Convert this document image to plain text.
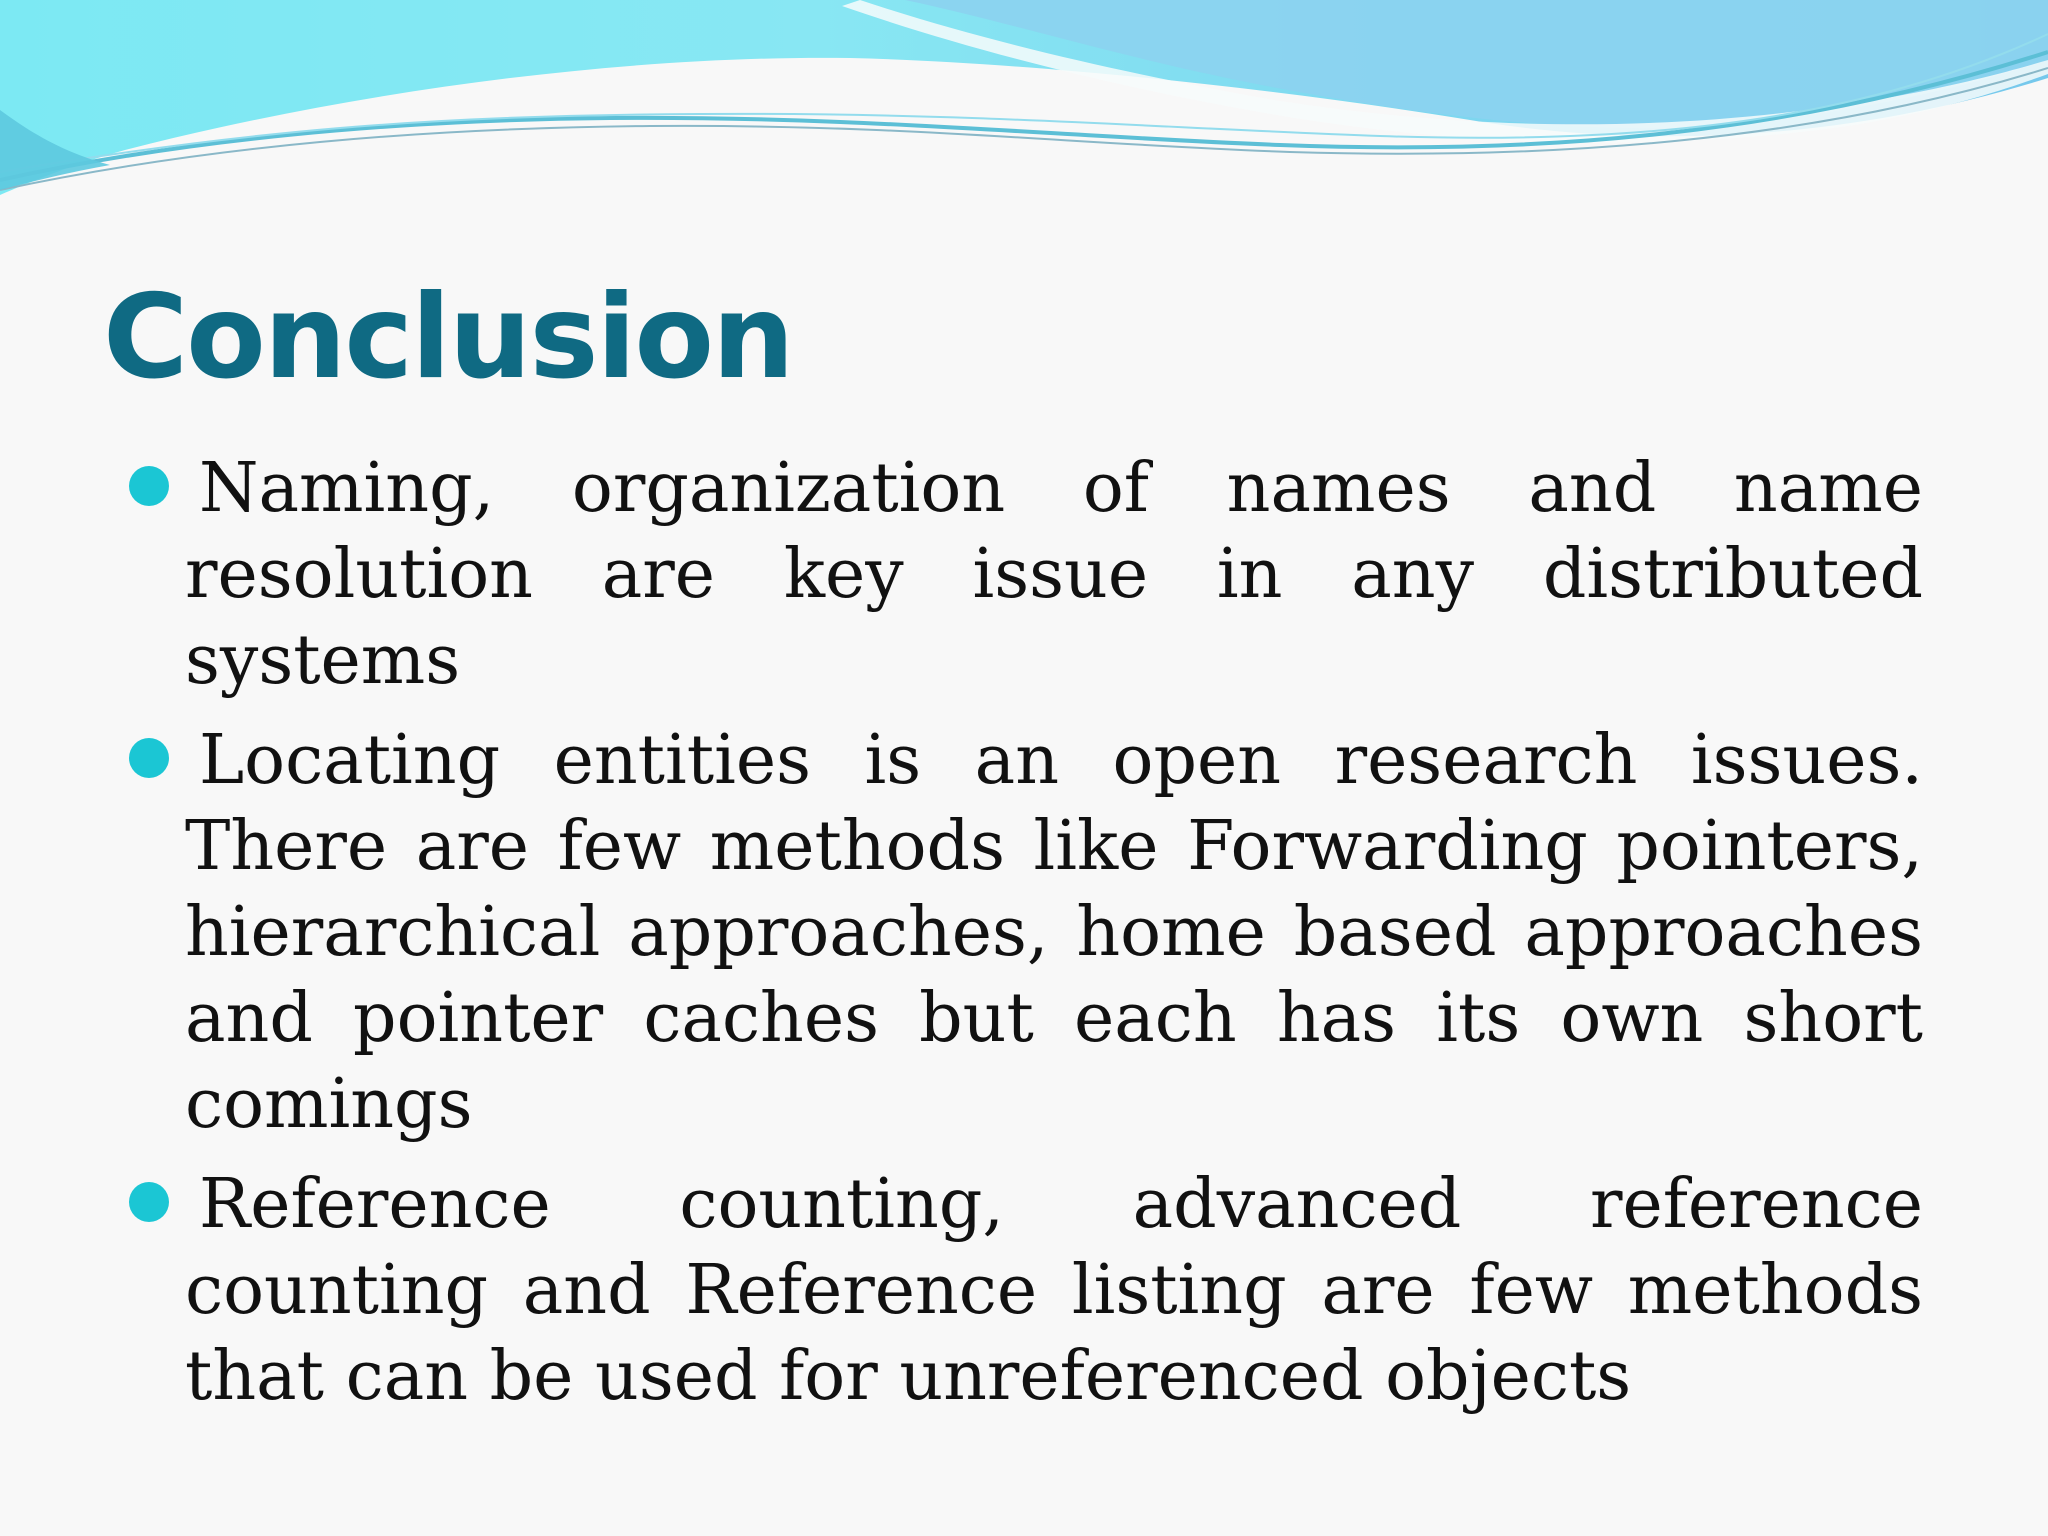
Conclusion
Naming, organization of names and name resolution are key issue in any distributed systems
Locating entities is an open research issues. There are few methods like Forwarding pointers, hierarchical approaches, home based approaches and pointer caches but each has its own short comings
Reference counting, advanced reference counting and Reference listing are few methods that can be used for unreferenced objects
